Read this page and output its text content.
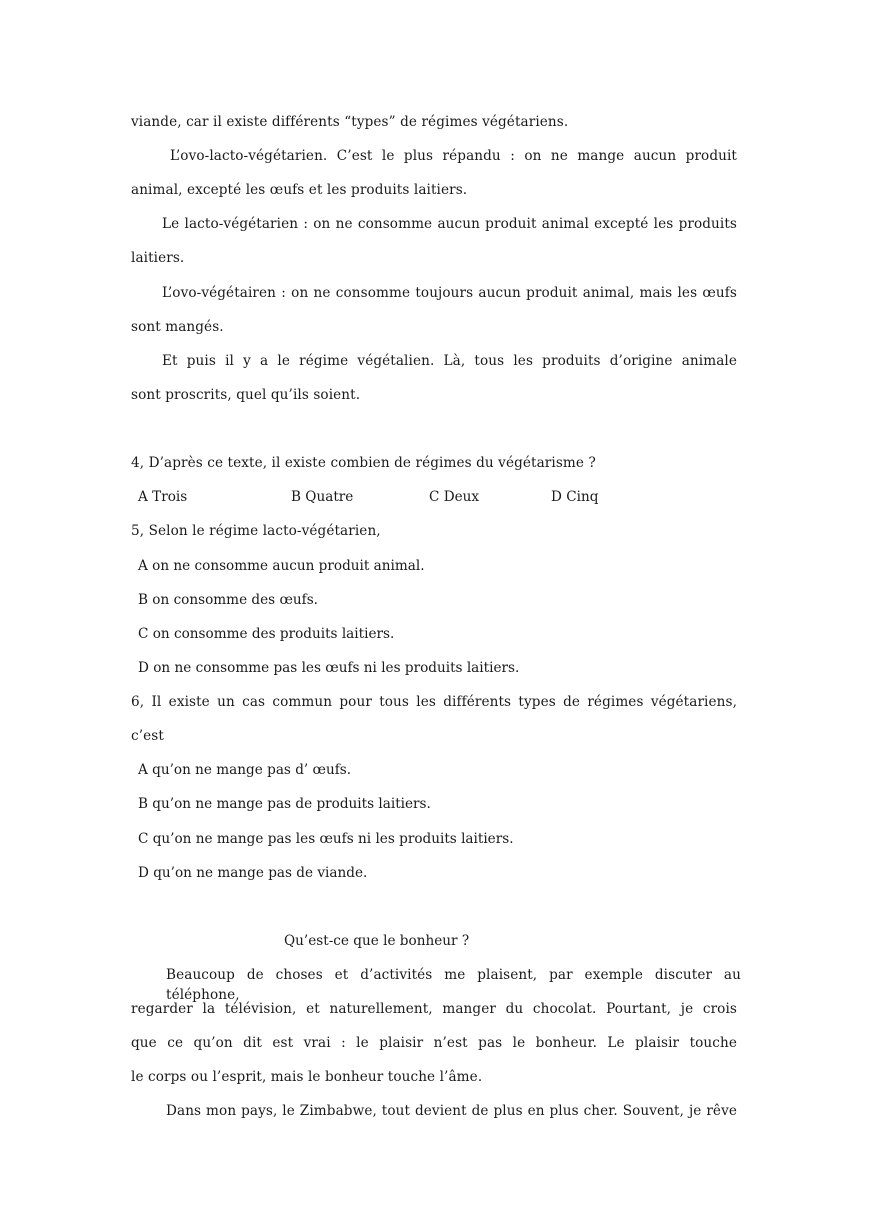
viande, car il existe différents “types” de régimes végétariens.
L’ovo-lacto-végétarien. C’est le plus répandu : on ne mange aucun produit
animal, excepté les œufs et les produits laitiers.
Le lacto-végétarien : on ne consomme aucun produit animal excepté les produits
laitiers.
L’ovo-végétairen : on ne consomme toujours aucun produit animal, mais les œufs
sont mangés.
Et puis il y a le régime végétalien. Là, tous les produits d’origine animale
sont proscrits, quel qu’ils soient.
4, D’après ce texte, il existe combien de régimes du végétarisme ?
A Trois	B Quatre	C Deux	D Cinq
5, Selon le régime lacto-végétarien,
A on ne consomme aucun produit animal.
B on consomme des œufs.
C on consomme des produits laitiers.
D on ne consomme pas les œufs ni les produits laitiers.
6, Il existe un cas commun pour tous les différents types de régimes végétariens,
c’est
A qu’on ne mange pas d’ œufs.
B qu’on ne mange pas de produits laitiers.
C qu’on ne mange pas les œufs ni les produits laitiers.
D qu’on ne mange pas de viande.
Qu’est-ce que le bonheur ?
Beaucoup de choses et d’activités me plaisent, par exemple discuter au téléphone,
regarder la télévision, et naturellement, manger du chocolat. Pourtant, je crois
que ce qu’on dit est vrai : le plaisir n’est pas le bonheur. Le plaisir touche
le corps ou l’esprit, mais le bonheur touche l’âme.
Dans mon pays, le Zimbabwe, tout devient de plus en plus cher. Souvent, je rêve
